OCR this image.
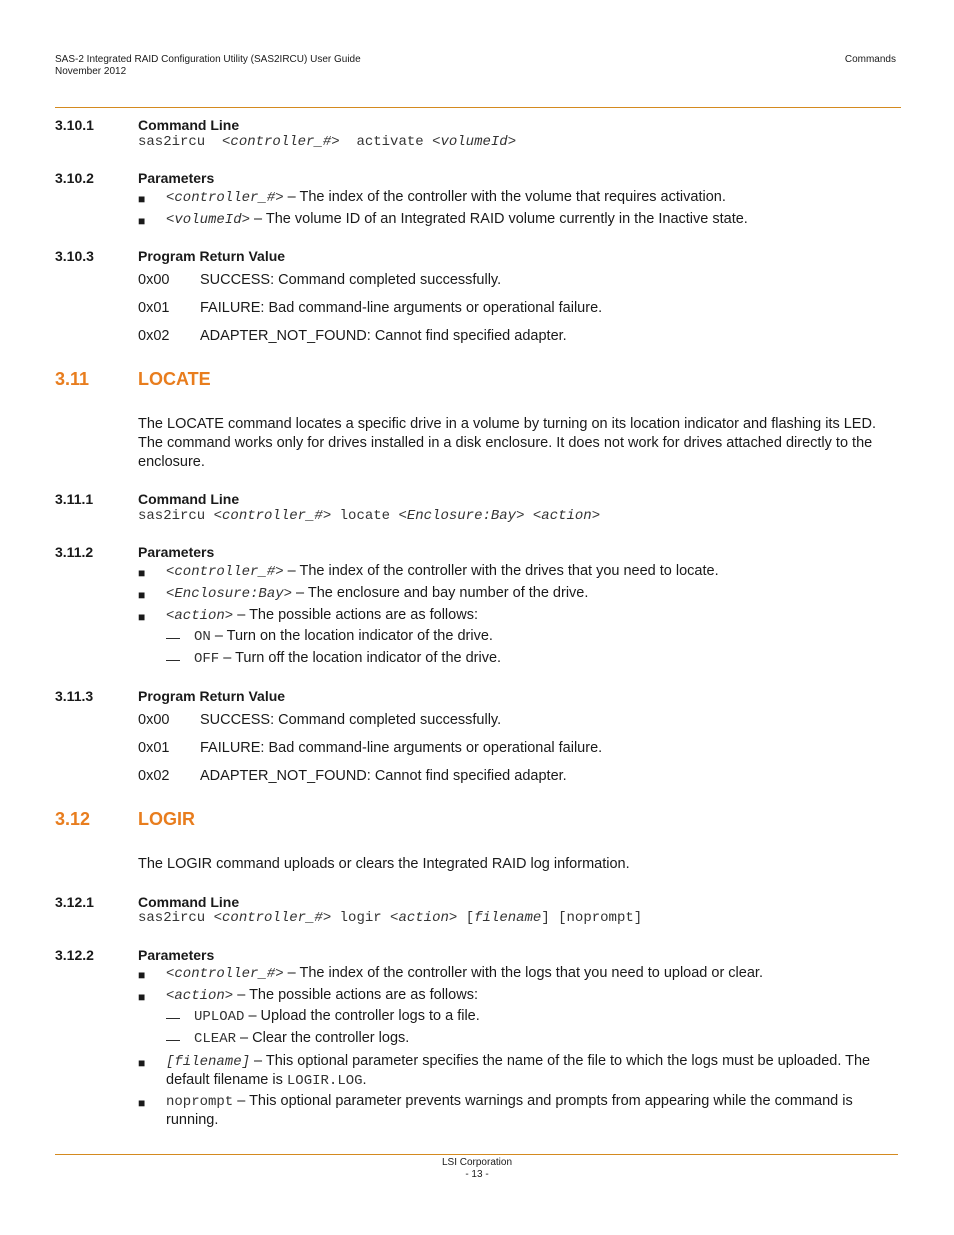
SAS-2 Integrated RAID Configuration Utility (SAS2IRCU) User Guide
November 2012
Commands
3.10.1	Command Line
sas2ircu  <controller_#>  activate <volumeId>
3.10.2	Parameters
■ <controller_#> – The index of the controller with the volume that requires activation.
■ <volumeId> – The volume ID of an Integrated RAID volume currently in the Inactive state.
3.10.3	Program Return Value
0x00 SUCCESS: Command completed successfully.
0x01 FAILURE: Bad command-line arguments or operational failure.
0x02 ADAPTER_NOT_FOUND: Cannot find specified adapter.
3.11	LOCATE
The LOCATE command locates a specific drive in a volume by turning on its location indicator and flashing its LED. The command works only for drives installed in a disk enclosure. It does not work for drives attached directly to the enclosure.
3.11.1	Command Line
sas2ircu <controller_#> locate <Enclosure:Bay> <action>
3.11.2	Parameters
■ <controller_#> – The index of the controller with the drives that you need to locate.
■ <Enclosure:Bay> – The enclosure and bay number of the drive.
■ <action> – The possible actions are as follows:
— ON – Turn on the location indicator of the drive.
— OFF – Turn off the location indicator of the drive.
3.11.3	Program Return Value
0x00 SUCCESS: Command completed successfully.
0x01 FAILURE: Bad command-line arguments or operational failure.
0x02 ADAPTER_NOT_FOUND: Cannot find specified adapter.
3.12	LOGIR
The LOGIR command uploads or clears the Integrated RAID log information.
3.12.1	Command Line
sas2ircu <controller_#> logir <action> [filename] [noprompt]
3.12.2	Parameters
■ <controller_#> – The index of the controller with the logs that you need to upload or clear.
■ <action> – The possible actions are as follows:
— UPLOAD – Upload the controller logs to a file.
— CLEAR – Clear the controller logs.
■ [filename] – This optional parameter specifies the name of the file to which the logs must be uploaded. The default filename is LOGIR.LOG.
■ noprompt – This optional parameter prevents warnings and prompts from appearing while the command is running.
LSI Corporation
- 13 -
